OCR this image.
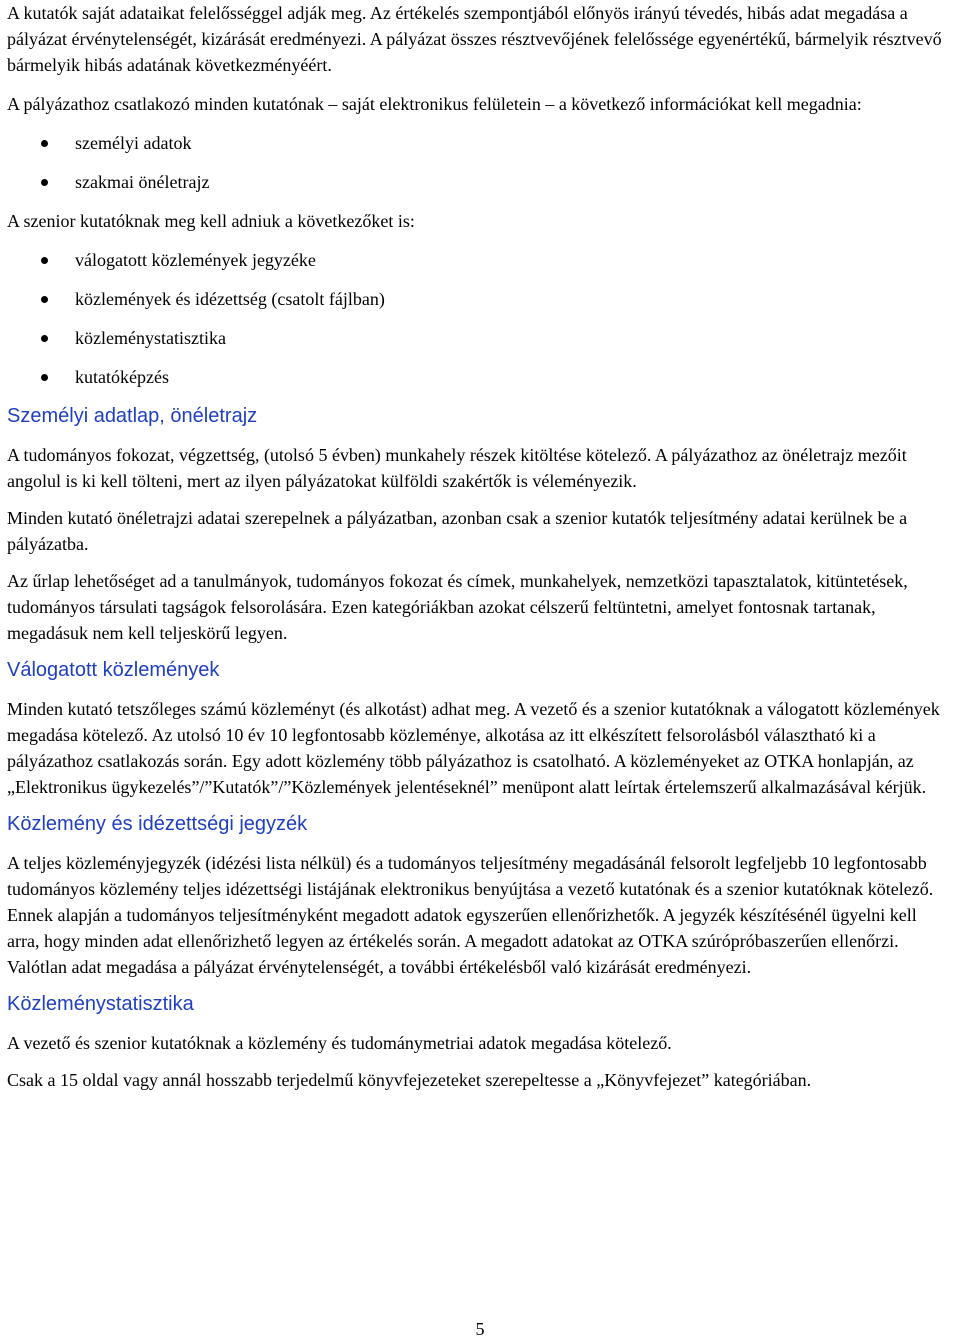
A kutatók saját adataikat felelősséggel adják meg. Az értékelés szempontjából előnyös irányú tévedés, hibás adat megadása a pályázat érvénytelenségét, kizárását eredményezi. A pályázat összes résztvevőjének felelőssége egyenértékű, bármelyik résztvevő bármelyik hibás adatának következményéért.

A pályázathoz csatlakozó minden kutatónak – saját elektronikus felületein – a következő információkat kell megadnia:

személyi adatok
szakmai önéletrajz

A szenior kutatóknak meg kell adniuk a következőket is:

válogatott közlemények jegyzéke
közlemények és idézettség (csatolt fájlban)
közleménystatisztika
kutatóképzés
Személyi adatlap, önéletrajz

A tudományos fokozat, végzettség, (utolsó 5 évben) munkahely részek kitöltése kötelező. A pályázathoz az önéletrajz mezőit angolul is ki kell tölteni, mert az ilyen pályázatokat külföldi szakértők is véleményezik.

Minden kutató önéletrajzi adatai szerepelnek a pályázatban, azonban csak a szenior kutatók teljesítmény adatai kerülnek be a pályázatba.

Az űrlap lehetőséget ad a tanulmányok, tudományos fokozat és címek, munkahelyek, nemzetközi tapasztalatok, kitüntetések, tudományos társulati tagságok felsorolására. Ezen kategóriákban azokat célszerű feltüntetni, amelyet fontosnak tartanak, megadásuk nem kell teljeskörű legyen.

Válogatott közlemények

Minden kutató tetszőleges számú közleményt (és alkotást) adhat meg. A vezető és a szenior kutatóknak a válogatott közlemények megadása kötelező. Az utolsó 10 év 10 legfontosabb közleménye, alkotása az itt elkészített felsorolásból választható ki a pályázathoz csatlakozás során. Egy adott közlemény több pályázathoz is csatolható. A közleményeket az OTKA honlapján, az „Elektronikus ügykezelés”/”Kutatók”/”Közlemények jelentéseknél” menüpont alatt leírtak értelemszerű alkalmazásával kérjük.

Közlemény és idézettségi jegyzék

A teljes közleményjegyzék (idézési lista nélkül) és a tudományos teljesítmény megadásánál felsorolt legfeljebb 10 legfontosabb tudományos közlemény teljes idézettségi listájának elektronikus benyújtása a vezető kutatónak és a szenior kutatóknak kötelező. Ennek alapján a tudományos teljesítményként megadott adatok egyszerűen ellenőrizhetők. A jegyzék készítésénél ügyelni kell arra, hogy minden adat ellenőrizhető legyen az értékelés során. A megadott adatokat az OTKA szúrópróbaszerűen ellenőrzi. Valótlan adat megadása a pályázat érvénytelenségét, a további értékelésből való kizárását eredményezi.

Közleménystatisztika

A vezető és szenior kutatóknak a közlemény és tudománymetriai adatok megadása kötelező.

Csak a 15 oldal vagy annál hosszabb terjedelmű könyvfejezeteket szerepeltesse a „Könyvfejezet” kategóriában.

5
